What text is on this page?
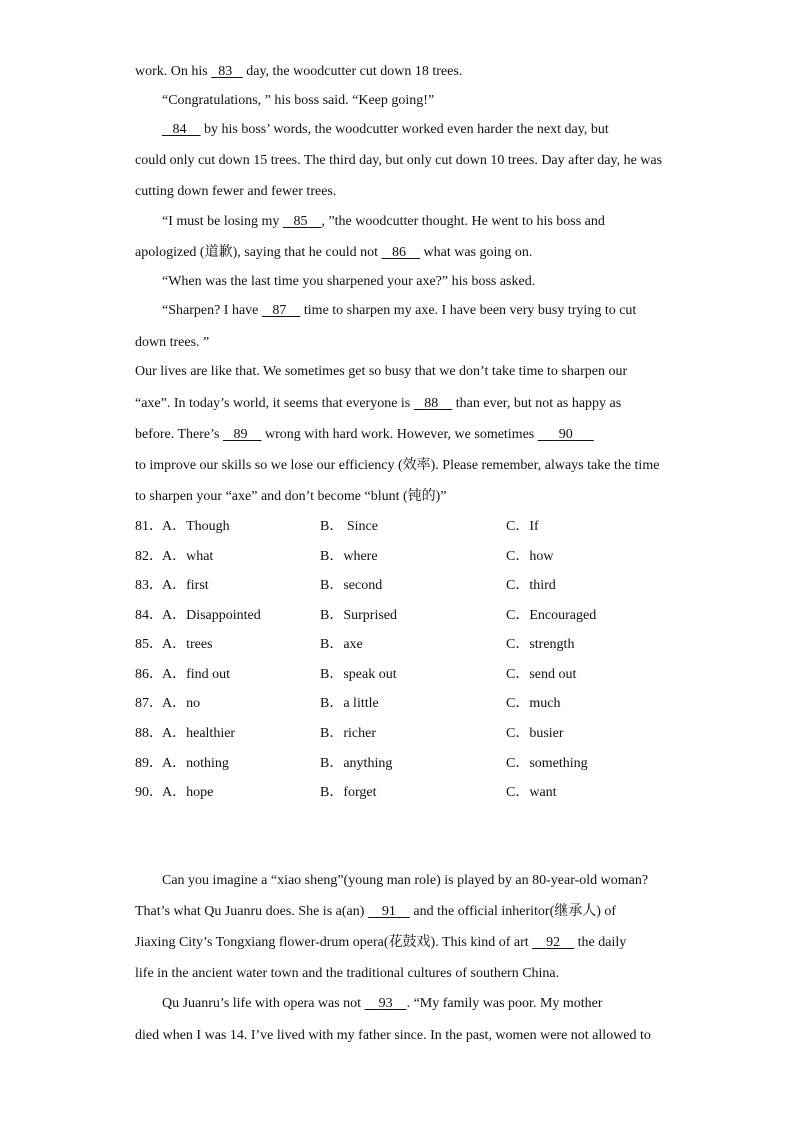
work. On his   83    day, the woodcutter cut down 18 trees.
“Congratulations, ” his boss said. “Keep going!”
84     by his boss’ words, the woodcutter worked even harder the next day, but
could only cut down 15 trees. The third day, but only cut down 10 trees. Day after day, he was
cutting down fewer and fewer trees.
“I must be losing my    85 , ”the woodcutter thought. He went to his boss and
apologized (道歉), saying that he could not    86     what was going on.
“When was the last time you sharpened your axe?” his boss asked.
“Sharpen? I have    87     time to sharpen my axe. I have been very busy trying to cut
down trees. ”
Our lives are like that. We sometimes get so busy that we don’t take time to sharpen our
“axe”. In today’s world, it seems that everyone is    88     than ever, but not as happy as
before. There’s    89     wrong with hard work. However, we sometimes       90
to improve our skills so we lose our efficiency (效率). Please remember, always take the time
to sharpen your “axe” and don’t become “blunt (钝的)”
81． A．Though	B． Since	C．If
82． A．what	B．where	C．how
83． A．first	B．second	C．third
84． A．Disappointed	B．Surprised	C．Encouraged
85． A．trees	B．axe	C．strength
86． A．find out	B．speak out	C．send out
87． A．no	B．a little	C．much
88． A．healthier	B．richer	C．busier
89． A．nothing	B．anything	C．something
90． A．hope	B．forget	C．want
Can you imagine a “xiao sheng”(young man role) is played by an 80-year-old woman?
That’s what Qu Juanru does. She is a(an)     91     and the official inheritor(继承人) of
Jiaxing City’s Tongxiang flower-drum opera(花鼓戏). This kind of art     92     the daily
life in the ancient water town and the traditional cultures of southern China.
Qu Juanru’s life with opera was not     93 . “My family was poor. My mother
died when I was 14. I’ve lived with my father since. In the past, women were not allowed to
